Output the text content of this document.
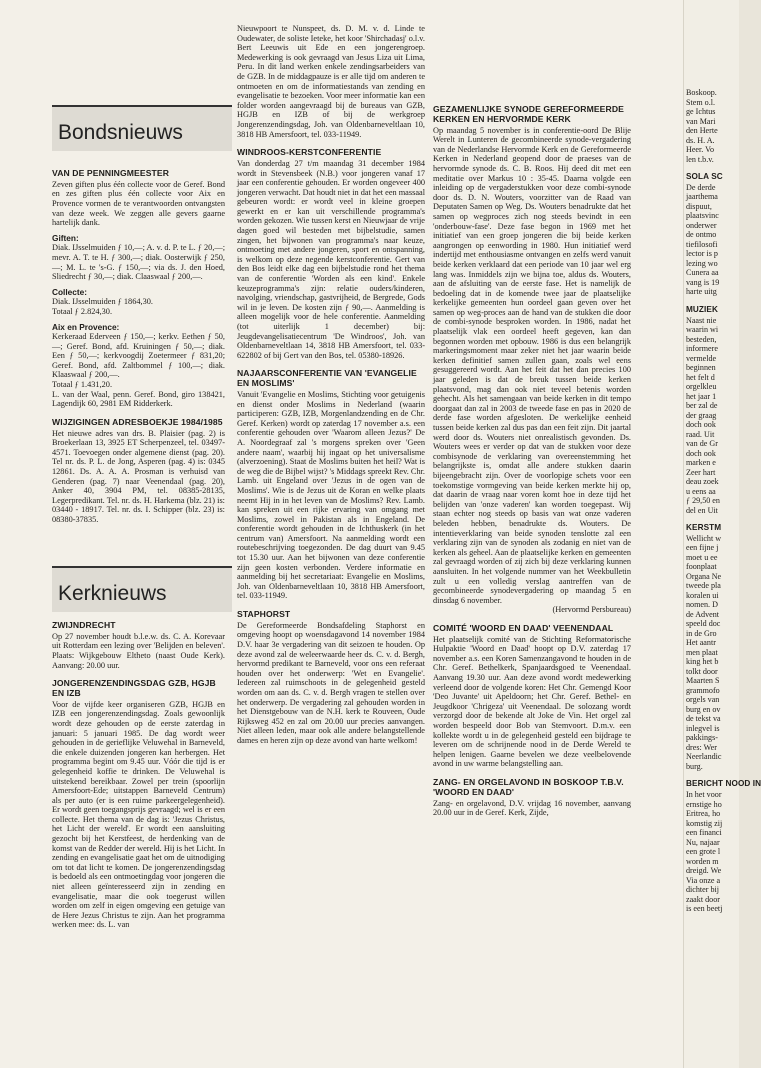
Bondsnieuws
VAN DE PENNINGMEESTER

Zeven giften plus één collecte voor de Geref. Bond en zes giften plus één collecte voor Aix en Provence vormen de te verantwoorden ontvangsten van deze week. We zeggen alle gevers gaarne hartelijk dank.

Giften:

Diak. IJsselmuiden ƒ 10,—; A. v. d. P. te L. ƒ 20,—; mevr. A. T. te H. ƒ 300,—; diak. Oosterwijk ƒ 250,—; M. L. te 's-G. ƒ 150,—; via ds. J. den Hoed, Sliedrecht ƒ 30,—; diak. Claaswaal ƒ 200,—.

Collecte:

Diak. IJsselmuiden ƒ 1864,30.

Totaal ƒ 2.824,30.

Aix en Provence:

Kerkeraad Ederveen ƒ 150,—; kerkv. Eethen ƒ 50,—; Geref. Bond, afd. Kruiningen ƒ 50,—; diak. Een ƒ 50,—; kerkvoogdij Zoetermeer ƒ 831,20; Geref. Bond, afd. Zaltbommel ƒ 100,—; diak. Klaaswaal ƒ 200,—.

Totaal ƒ 1.431,20.

L. van der Waal, penn. Geref. Bond, giro 138421, Lagendijk 60, 2981 EM Ridderkerk.

WIJZIGINGEN ADRESBOEKJE 1984/1985

Het nieuwe adres van drs. B. Plaisier (pag. 2) is Broekerlaan 13, 3925 ET Scherpenzeel, tel. 03497-4571. Toevoegen onder algemene dienst (pag. 20). Tel nr. ds. P. L. de Jong, Asperen (pag. 4) is: 0345 12861. Ds. A. A. A. Prosman is verhuisd van Genderen (pag. 7) naar Veenendaal (pag. 20), Anker 40, 3904 PM, tel. 08385-28135, Legerpredikant. Tel. nr. ds. H. Harkema (blz. 21) is: 03440 - 18917. Tel. nr. ds. I. Schipper (blz. 23) is: 08380-37835.

Kerknieuws
ZWIJNDRECHT

Op 27 november houdt b.l.e.w. ds. C. A. Korevaar uit Rotterdam een lezing over 'Belijden en beleven'. Plaats: Wijkgebouw Eltheto (naast Oude Kerk). Aanvang: 20.00 uur.

JONGERENZENDINGSDAG GZB, HGJB EN IZB

Voor de vijfde keer organiseren GZB, HGJB en IZB een jongerenzendingsdag. Zoals gewoonlijk wordt deze gehouden op de eerste zaterdag in januari: 5 januari 1985. De dag wordt weer gehouden in de gerieflijke Veluwehal in Barneveld, die enkele duizenden jongeren kan herbergen. Het programma begint om 9.45 uur. Vóór die tijd is er gelegenheid koffie te drinken. De Veluwehal is uitstekend bereikbaar. Zowel per trein (spoorlijn Amersfoort-Ede; uitstappen Barneveld Centrum) als per auto (er is een ruime parkeergelegenheid). Er wordt geen toegangsprijs gevraagd; wel is er een collecte. Het thema van de dag is: 'Jezus Christus, het Licht der wereld'. Er wordt een aansluiting gezocht bij het Kerstfeest, de herdenking van de komst van de Redder der wereld. Hij is het Licht. In zending en evangelisatie gaat het om de uitnodiging om tot dat licht te komen. De jongerenzendingsdag is bedoeld als een ontmoetingdag voor jongeren die niet alleen geïnteresseerd zijn in zending en evangelisatie, maar die ook toegerust willen worden om zelf in eigen omgeving een getuige van de Here Jezus Christus te zijn. Aan het programma werken mee: ds. L. van

Nieuwpoort te Nunspeet, ds. D. M. v. d. Linde te Oudewater, de soliste Ieteke, het koor 'Shirchadasj' o.l.v. Bert Leeuwis uit Ede en een jongerengroep. Medewerking is ook gevraagd van Jesus Liza uit Lima, Peru. In dit land werken enkele zendingsarbeiders van de GZB. In de middagpauze is er alle tijd om anderen te ontmoeten en om de informatiestands van zending en evangelisatie te bezoeken. Voor meer informatie kan een folder worden aangevraagd bij de bureaus van GZB, HGJB en IZB of bij de werkgroep Jongerenzendingsdag, Joh. van Oldenbarneveltlaan 10, 3818 HB Amersfoort, tel. 033-11949.

WINDROOS-KERSTCONFERENTIE

Van donderdag 27 t/m maandag 31 december 1984 wordt in Stevensbeek (N.B.) voor jongeren vanaf 17 jaar een conferentie gehouden. Er worden ongeveer 400 jongeren verwacht. Dat houdt niet in dat het een massaal gebeuren wordt: er wordt veel in kleine groepen gewerkt en er kan uit verschillende programma's worden gekozen. Wie tussen kerst en Nieuwjaar de vrije dagen goed wil besteden met bijbelstudie, samen zingen, het bijwonen van programma's naar keuze, ontmoeting met andere jongeren, sport en ontspanning, is welkom op deze negende kerstconferentie. Gert van den Bos leidt elke dag een bijbelstudie rond het thema van de conferentie 'Worden als een kind'. Enkele keuzeprogramma's zijn: relatie ouders/kinderen, navolging, vriendschap, gastvrijheid, de Bergrede, Gods wil in je leven. De kosten zijn ƒ 90,—. Aanmelding is alleen mogelijk voor de hele conferentie. Aanmelding (tot uiterlijk 1 december) bij: Jeugdevangelisatiecentrum 'De Windroos', Joh. van Oldenbarneveltlaan 14, 3818 HB Amersfoort, tel. 033-622802 of bij Gert van den Bos, tel. 05380-18926.

NAJAARSCONFERENTIE VAN 'EVANGELIE EN MOSLIMS'

Vanuit 'Evangelie en Moslims, Stichting voor getuigenis en dienst onder Moslims in Nederland (waarin participeren: GZB, IZB, Morgenlandzending en de Chr. Geref. Kerken) wordt op zaterdag 17 november a.s. een conferentie gehouden over 'Waarom alleen Jezus?' De A. Noordegraaf zal 's morgens spreken over 'Geen andere naam', waarbij hij ingaat op het universalisme (alverzoening). Staat de Moslims buiten het heil? Wat is de weg die de Bijbel wijst? 's Middags spreekt Rev. Chr. Lamb. uit Engeland over 'Jezus in de ogen van de Moslims'. Wie is de Jezus uit de Koran en welke plaats neemt Hij in in het leven van de Moslims? Rev. Lamb. kan spreken uit een rijke ervaring van omgang met Moslims, zowel in Pakistan als in Engeland. De conferentie wordt gehouden in de Ichthuskerk (in het centrum van) Amersfoort. Na aanmelding wordt een routebeschrijving toegezonden. De dag duurt van 9.45 tot 15.30 uur. Aan het bijwonen van deze conferentie zijn geen kosten verbonden. Verdere informatie en aanmelding bij het secretariaat: Evangelie en Moslims, Joh. van Oldenbarneveltlaan 10, 3818 HB Amersfoort, tel. 033-11949.

STAPHORST

De Gereformeerde Bondsafdeling Staphorst en omgeving hoopt op woensdagavond 14 november 1984 D.V. haar 3e vergadering van dit seizoen te houden. Op deze avond zal de weleerwaarde heer ds. C. v. d. Bergh, hervormd predikant te Barneveld, voor ons een referaat houden over het onderwerp: 'Wet en Evangelie'. Iedereen zal ruimschoots in de gelegenheid gesteld worden om aan ds. C. v. d. Bergh vragen te stellen over het onderwerp. De vergadering zal gehouden worden in het Dienstgebouw van de N.H. kerk te Rouveen, Oude Rijksweg 452 en zal om 20.00 uur precies aanvangen. Niet alleen leden, maar ook alle andere belangstellende dames en heren zijn op deze avond van harte welkom!

GEZAMENLIJKE SYNODE GEREFORMEERDE KERKEN EN HERVORMDE KERK

Op maandag 5 november is in conferentie-oord De Blije Werelt in Lunteren de gecombineerde synode-vergadering van de Nederlandse Hervormde Kerk en de Gereformeerde Kerken in Nederland geopend door de praeses van de hervormde synode ds. C. B. Roos. Hij deed dit met een meditatie over Markus 10 : 35-45. Daarna volgde een inleiding op de vergaderstukken voor deze combi-synode door ds. D. N. Wouters, voorzitter van de Raad van Deputaten Samen op Weg. Ds. Wouters benadrukte dat het samen op wegproces zich nog steeds bevindt in een 'onderbouw-fase'. Deze fase begon in 1969 met het initiatief van een groep jongeren die bij beide kerken aangrongen op eenwording in 1980. Hun initiatief werd indertijd met enthousiasme ontvangen en zelfs werd vanuit beide kerken verklaard dat een periode van 10 jaar wel erg lang was. Inmiddels zijn we bijna toe, aldus ds. Wouters, aan de afsluiting van de eerste fase. Het is namelijk de bedoeling dat in de komende twee jaar de plaatselijke kerkelijke gemeenten hun oordeel gaan geven over het samen op weg-proces aan de hand van de stukken die door de combi-synode besproken worden. In 1986, nadat het plaatselijk vlak een oordeel heeft gegeven, kan dan begonnen worden met opbouw. 1986 is dus een belangrijk markeringsmoment maar zeker niet het jaar waarin beide kerken definitief samen zullen gaan, zoals wel eens gesuggereerd wordt. Aan het feit dat het dan precies 100 jaar geleden is dat de breuk tussen beide kerken plaatsvond, mag dan ook niet teveel betenis worden gehecht. Als het samengaan van beide kerken in dit tempo doorgaat dan zal in 2003 de tweede fase en pas in 2020 de derde fase worden afgesloten. De werkelijke eenheid tussen beide kerken zal dus pas dan een feit zijn. Dit jaartal werd door ds. Wouters niet onrealistisch gevonden. Ds. Wouters wees er verder op dat van de stukken voor deze combisynode de verklaring van overeenstemming het belangrijkste is, omdat alle andere stukken daarin bijeengebracht zijn. Over de voorlopige schets voor een toekomstige vormgeving van beide kerken merkte hij op, dat daarin de vraag naar voren komt hoe in deze tijd het belijden van 'onze vaderen' kan worden toegepast. Wij staan echter nog steeds op basis van wat onze vaderen beleden hebben, benadrukte ds. Wouters. De intentieverklaring van beide synoden tenslotte zal een verklaring zijn van de synoden als zodanig en niet van de kerken als geheel. Aan de plaatselijke kerken en gemeenten zal gevraagd worden of zij zich bij deze verklaring kunnen aansluiten. In het volgende nummer van het Weekbulletin zult u een volledig verslag aantreffen van de gecombineerde synodevergadering op maandag 5 en dinsdag 6 november.

(Hervormd Persbureau)

COMITÉ 'WOORD EN DAAD' VEENENDAAL

Het plaatselijk comité van de Stichting Reformatorische Hulpaktie 'Woord en Daad' hoopt op D.V. zaterdag 17 november a.s. een Koren Samenzangavond te houden in de Chr. Geref. Bethelkerk, Spanjaardsgoed te Veenendaal. Aanvang 19.30 uur. Aan deze avond wordt medewerking verleend door de volgende koren: Het Chr. Gemengd Koor 'Deo Juvante' uit Apeldoorn; het Chr. Geref. Bethel- en Jeugdkoor 'Chrigeza' uit Veenendaal. De solozang wordt verzorgd door de bekende alt Joke de Vin. Het orgel zal worden bespeeld door Bob van Stemvoort. D.m.v. een kollekte wordt u in de gelegenheid gesteld een bijdrage te leveren om de schrijnende nood in de Derde Wereld te helpen lenigen. Gaarne bevelen we deze veelbelovende avond in uw warme belangstelling aan.

ZANG- EN ORGELAVOND IN BOSKOOP T.B.V. 'WOORD EN DAAD'

Zang- en orgelavond, D.V. vrijdag 16 november, aanvang 20.00 uur in de Geref. Kerk, Zijde,

Boskoop.
Stem o.l.
ge Ichtus
van Mari
den Herte
ds. H. A.
Heer. Vo
len t.b.v.
SOLA SC
De derde
jaarthema
dispuut,
plaatsvinc
onderwer
de ontmo
tiefilosofi
lector is p
lezing wo
Cunera aa
vang is 19
harte uitg
MUZIEK
Naast nie
waarin wi
besteden,
informere
vermelde
beginnen
het felt d
orgelkleu
het jaar 1
ber zal de
der graag
doch ook
raad. Uit
van de Gr
doch ook
marken e
Zeer hart
deau zoek
u eens aa
ƒ 29,50 en
del en Uit
KERSTM
Wellicht w
een fijne j
moet u ee
foonplaat
Organa Ne
tweede pla
koralen ui
nomen. D
de Advent
speeld doc
in de Gro
Het aantr
men plaat
king het b
tolkt door
Maarten S
grammofo
orgels van
burg en ov
de tekst va
inlegvel is
pakkings-
dres: Wer
Neerlandic
burg.
BERICHT NOOD IN
In het voor
ernstige ho
Eritrea, ho
komstig zij
een financi
Nu, najaar
een grote l
worden m
dreigd. We
Via onze a
dichter bij
zaakt door
is een beetj
